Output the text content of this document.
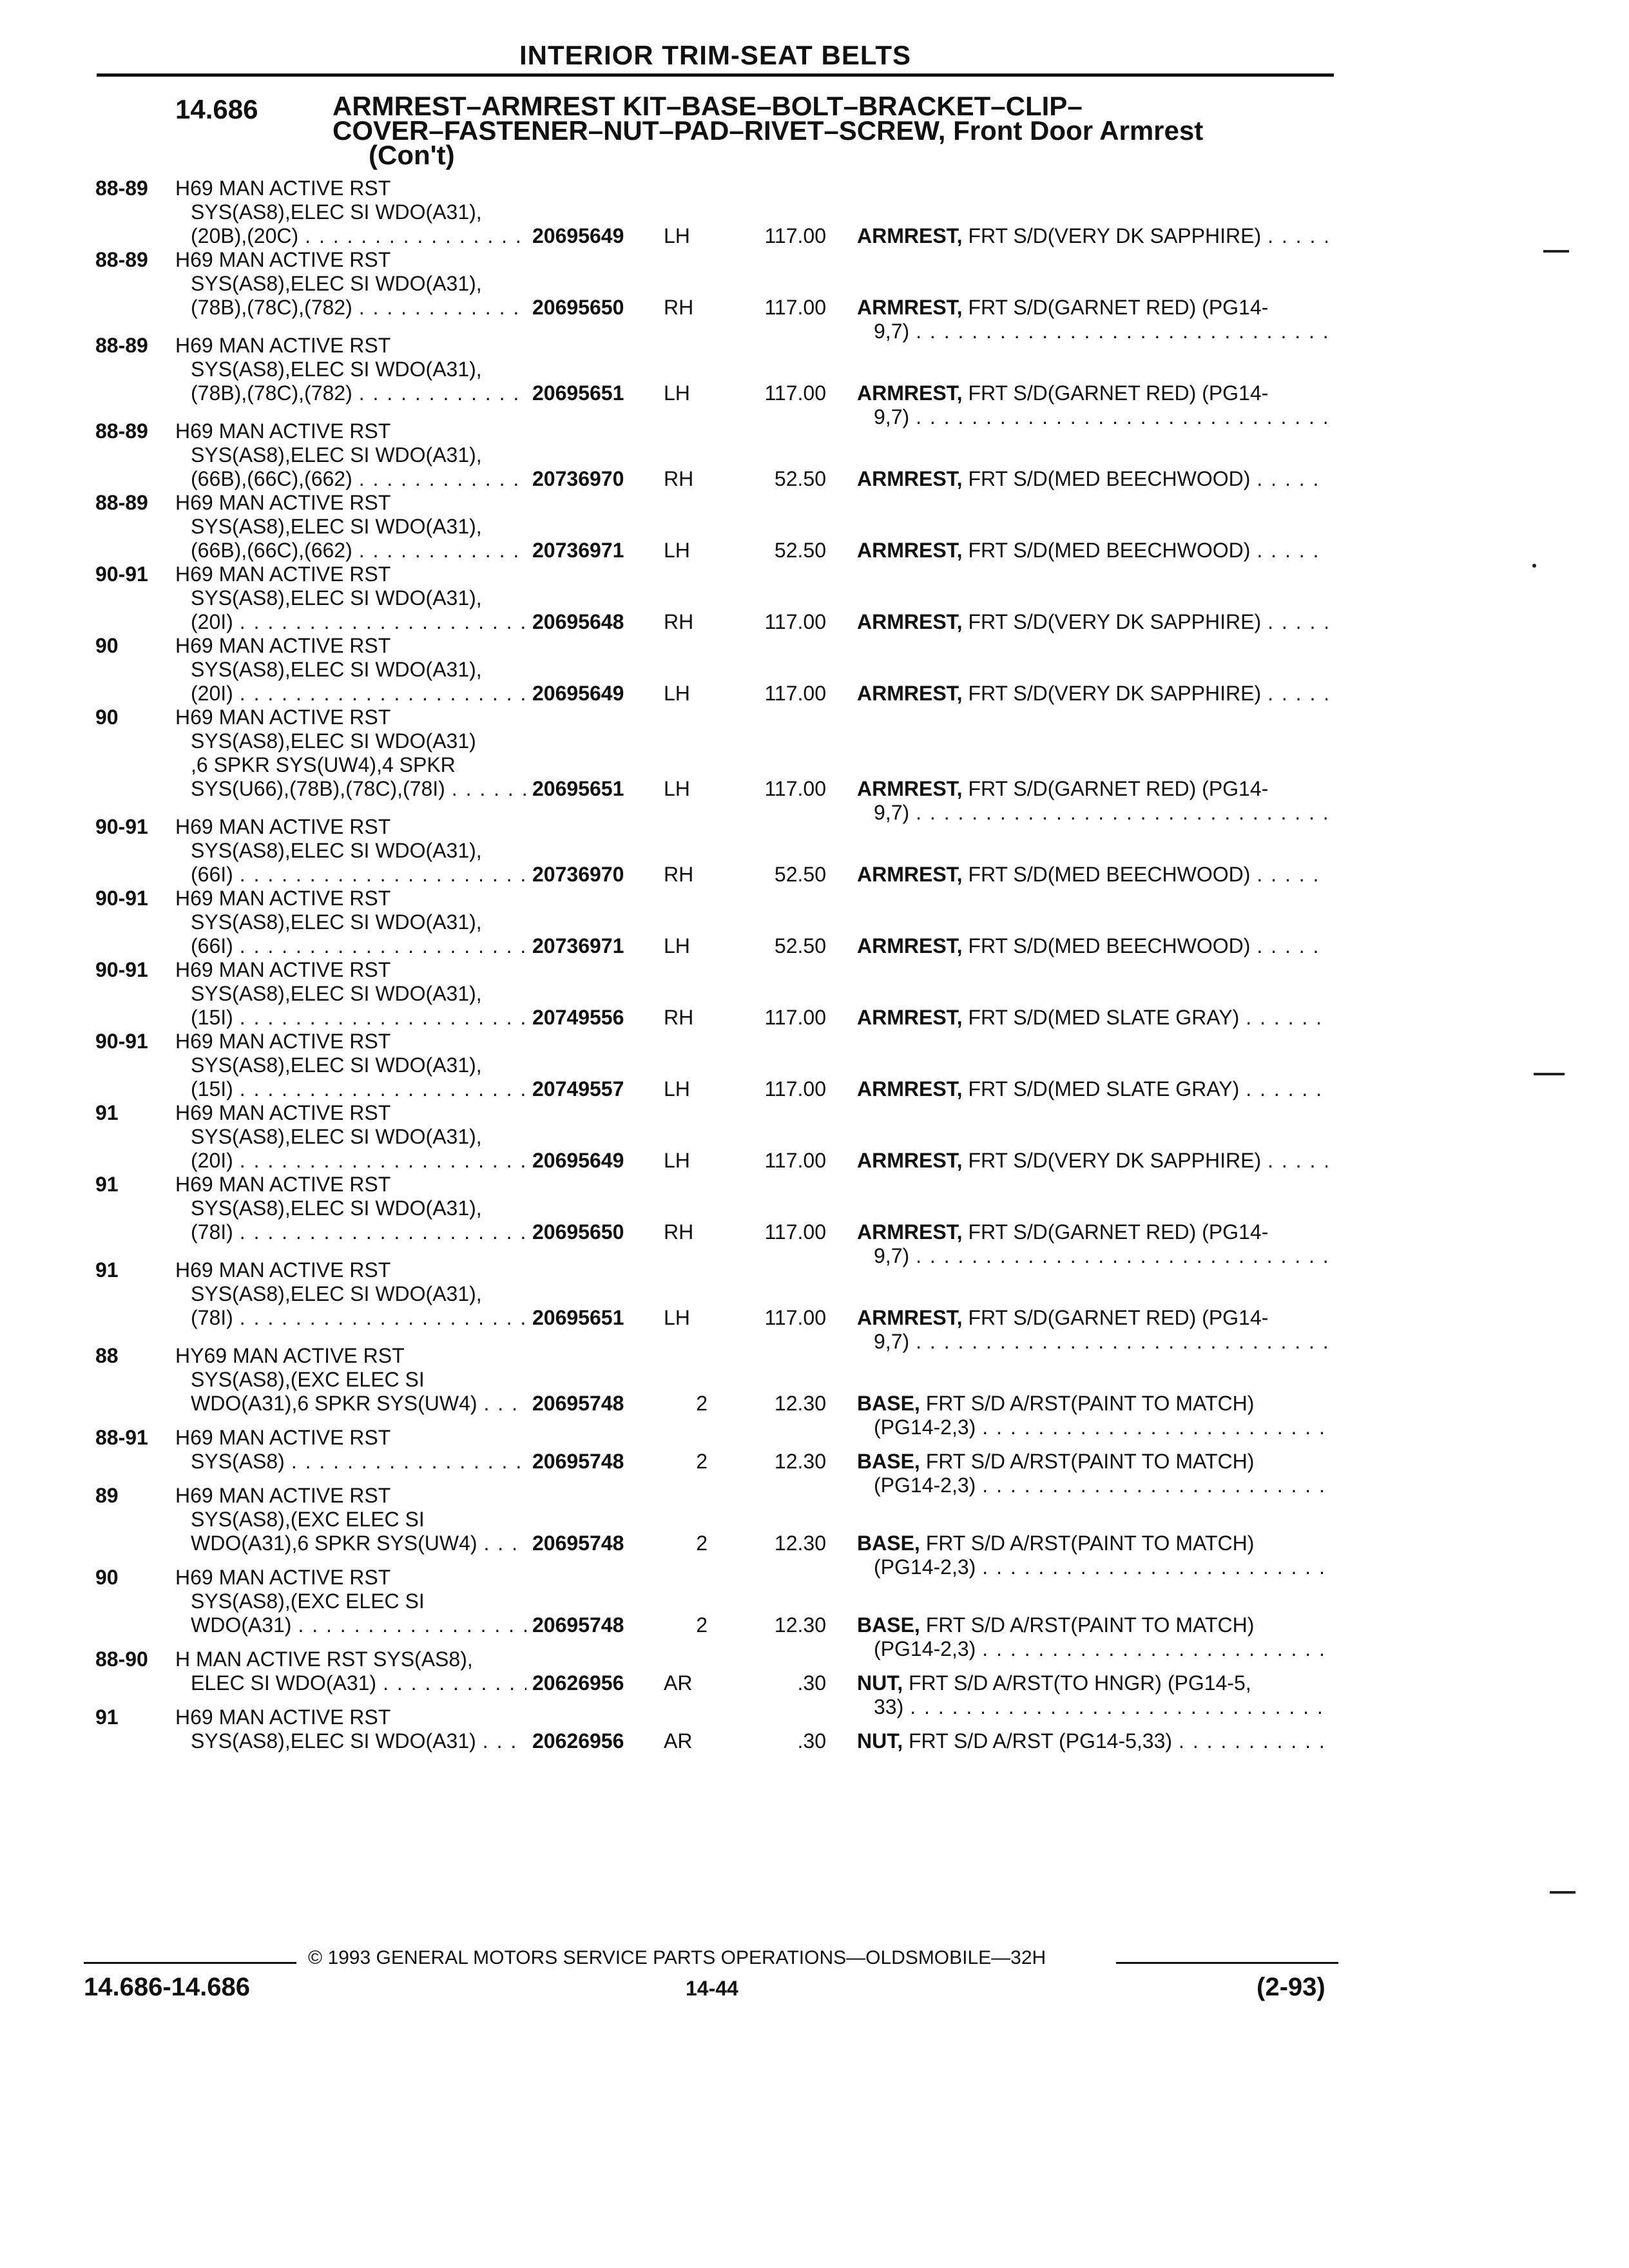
INTERIOR TRIM-SEAT BELTS
14.686	ARMREST–ARMREST KIT–BASE–BOLT–BRACKET–CLIP–
COVER–FASTENER–NUT–PAD–RIVET–SCREW, Front Door Armrest
(Con't)
88-89	H69 MAN ACTIVE RST
SYS(AS8),ELEC SI WDO(A31),
(20B),(20C) . . .	20695649	LH	117.00 ARMREST, FRT S/D(VERY DK SAPPHIRE)
. . .
88-89	H69 MAN ACTIVE RST
SYS(AS8),ELEC SI WDO(A31),
(78B),(78C),(782) . . .	20695650	RH	117.00 ARMREST, FRT S/D(GARNET RED) (PG14-
9,7)
. . .
88-89	H69 MAN ACTIVE RST
SYS(AS8),ELEC SI WDO(A31),
(78B),(78C),(782) . . .	20695651	LH	117.00 ARMREST, FRT S/D(GARNET RED) (PG14-
9,7)
. . .
88-89	H69 MAN ACTIVE RST
SYS(AS8),ELEC SI WDO(A31),
(66B),(66C),(662) . . .	20736970	RH	52.50 ARMREST, FRT S/D(MED BEECHWOOD)
. . .
88-89	H69 MAN ACTIVE RST
SYS(AS8),ELEC SI WDO(A31),
(66B),(66C),(662) . . .	20736971	LH	52.50 ARMREST, FRT S/D(MED BEECHWOOD)
. . .
90-91	H69 MAN ACTIVE RST
SYS(AS8),ELEC SI WDO(A31),
(20I) . . .	20695648	RH	117.00 ARMREST, FRT S/D(VERY DK SAPPHIRE)
. . .
90	H69 MAN ACTIVE RST
SYS(AS8),ELEC SI WDO(A31),
(20I) . . .	20695649	LH	117.00 ARMREST, FRT S/D(VERY DK SAPPHIRE)
. . .
90	H69 MAN ACTIVE RST
SYS(AS8),ELEC SI WDO(A31)
,6 SPKR SYS(UW4),4 SPKR
SYS(U66),(78B),(78C),(78I) . . .	20695651	LH	117.00 ARMREST, FRT S/D(GARNET RED) (PG14-
9,7)
. . .
90-91	H69 MAN ACTIVE RST
SYS(AS8),ELEC SI WDO(A31),
(66I) . . .	20736970	RH	52.50 ARMREST, FRT S/D(MED BEECHWOOD)
. . .
90-91	H69 MAN ACTIVE RST
SYS(AS8),ELEC SI WDO(A31),
(66I) . . .	20736971	LH	52.50 ARMREST, FRT S/D(MED BEECHWOOD)
. . .
90-91	H69 MAN ACTIVE RST
SYS(AS8),ELEC SI WDO(A31),
(15I) . . .	20749556	RH	117.00 ARMREST, FRT S/D(MED SLATE GRAY)
. . .
90-91	H69 MAN ACTIVE RST
SYS(AS8),ELEC SI WDO(A31),
(15I) . . .	20749557	LH	117.00 ARMREST, FRT S/D(MED SLATE GRAY)
. . .
91	H69 MAN ACTIVE RST
SYS(AS8),ELEC SI WDO(A31),
(20I) . . .	20695649	LH	117.00 ARMREST, FRT S/D(VERY DK SAPPHIRE)
. . .
91	H69 MAN ACTIVE RST
SYS(AS8),ELEC SI WDO(A31),
(78I) . . .	20695650	RH	117.00 ARMREST, FRT S/D(GARNET RED) (PG14-
9,7)
. . .
91	H69 MAN ACTIVE RST
SYS(AS8),ELEC SI WDO(A31),
(78I) . . .	20695651	LH	117.00 ARMREST, FRT S/D(GARNET RED) (PG14-
9,7)
. . .
88	HY69 MAN ACTIVE RST
SYS(AS8),(EXC ELEC SI
WDO(A31),6 SPKR SYS(UW4) . . .	20695748	2	12.30 BASE, FRT S/D A/RST(PAINT TO MATCH)
(PG14-2,3)
. . .
88-91	H69 MAN ACTIVE RST
SYS(AS8) . . .	20695748	2	12.30 BASE, FRT S/D A/RST(PAINT TO MATCH)
(PG14-2,3)
. . .
89	H69 MAN ACTIVE RST
SYS(AS8),(EXC ELEC SI
WDO(A31),6 SPKR SYS(UW4) . . .	20695748	2	12.30 BASE, FRT S/D A/RST(PAINT TO MATCH)
(PG14-2,3)
. . .
90	H69 MAN ACTIVE RST
SYS(AS8),(EXC ELEC SI
WDO(A31) . . .	20695748	2	12.30 BASE, FRT S/D A/RST(PAINT TO MATCH)
(PG14-2,3)
. . .
88-90	H MAN ACTIVE RST SYS(AS8),
ELEC SI WDO(A31) . . .	20626956	AR	.30 NUT, FRT S/D A/RST(TO HNGR) (PG14-5,
33)
. . .
91	H69 MAN ACTIVE RST
SYS(AS8),ELEC SI WDO(A31) . . .	20626956	AR	.30 NUT, FRT S/D A/RST (PG14-5,33)
. . .
© 1993 GENERAL MOTORS SERVICE PARTS OPERATIONS—OLDSMOBILE—32H
14.686-14.686	14-44	(2-93)
